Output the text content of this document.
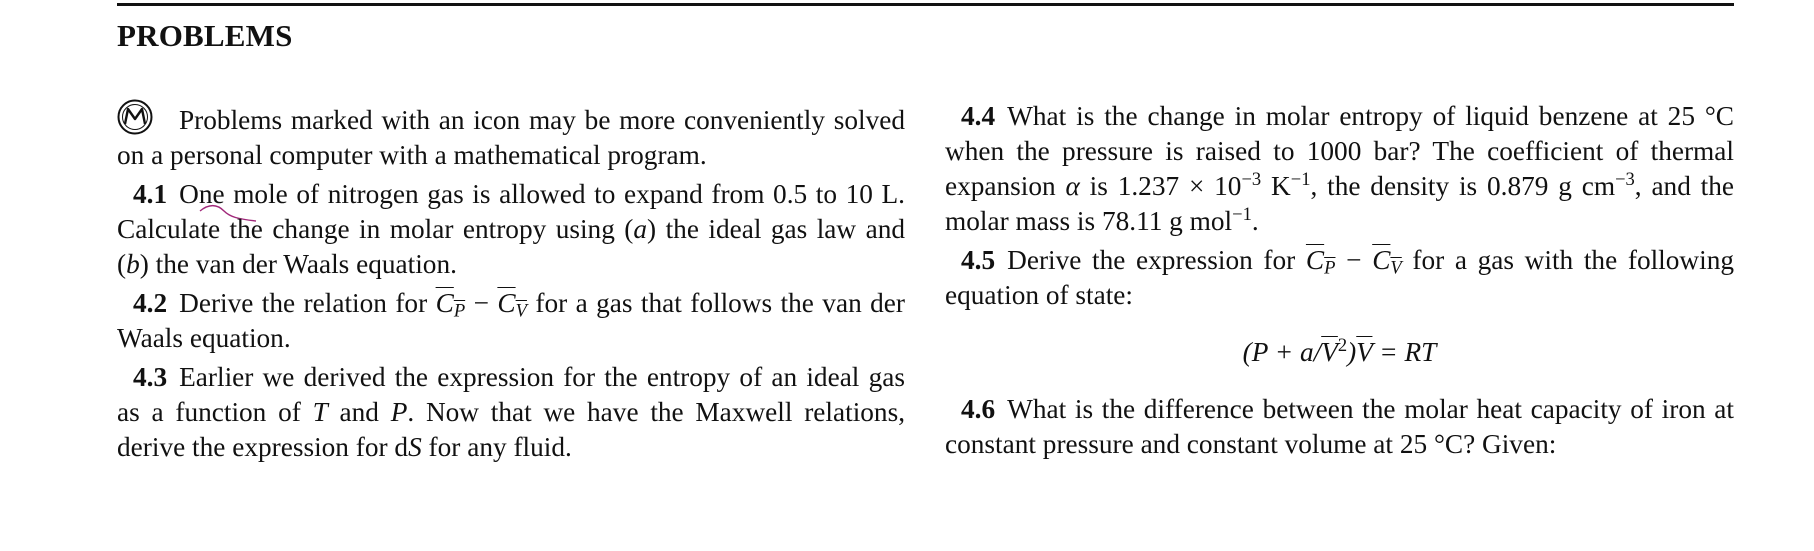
PROBLEMS
Problems marked with an icon may be more conveniently solved on a personal computer with a mathematical program.
4.1 One mole of nitrogen gas is allowed to expand from 0.5 to 10 L. Calculate the change in molar entropy using (a) the ideal gas law and (b) the van der Waals equation.
4.2 Derive the relation for $C_P - C_V$ for a gas that follows the van der Waals equation.
4.3 Earlier we derived the expression for the entropy of an ideal gas as a function of T and P. Now that we have the Maxwell relations, derive the expression for dS for any fluid.
4.4 What is the change in molar entropy of liquid benzene at 25 °C when the pressure is raised to 1000 bar? The coefficient of thermal expansion α is $1.237 \times 10^{-3}$ $K^{-1}$, the density is 0.879 g $cm^{-3}$, and the molar mass is 78.11 g mol$^{-1}$.
4.5 Derive the expression for $C_P - C_V$ for a gas with the following equation of state:
$(P + a/\overline{V}^2)\overline{V}$ = RT
4.6 What is the difference between the molar heat capacity of iron at constant pressure and constant volume at 25 °C? Given:
